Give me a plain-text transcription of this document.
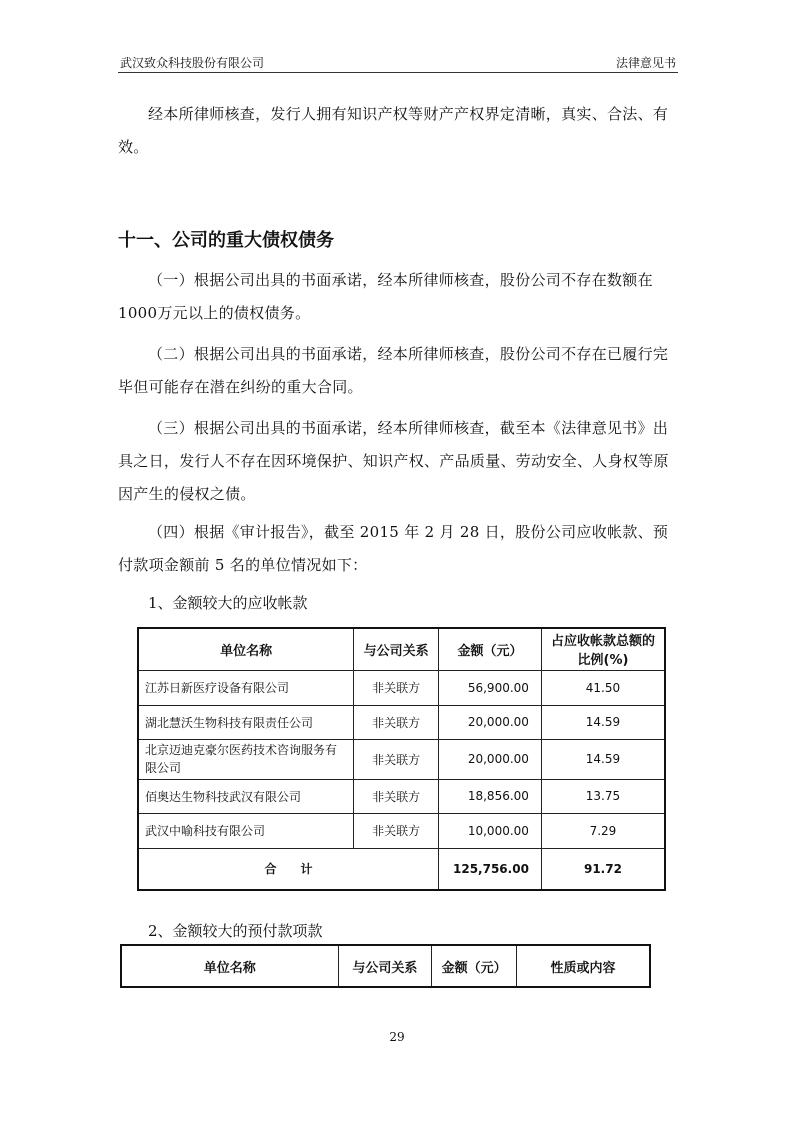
武汉致众科技股份有限公司	法律意见书

经本所律师核查，发行人拥有知识产权等财产产权界定清晰，真实、合法、有效。

十一、公司的重大债权债务

（一）根据公司出具的书面承诺，经本所律师核查，股份公司不存在数额在1000万元以上的债权债务。

（二）根据公司出具的书面承诺，经本所律师核查，股份公司不存在已履行完毕但可能存在潜在纠纷的重大合同。

（三）根据公司出具的书面承诺，经本所律师核查，截至本《法律意见书》出具之日，发行人不存在因环境保护、知识产权、产品质量、劳动安全、人身权等原因产生的侵权之债。

（四）根据《审计报告》，截至 2015 年 2 月 28 日，股份公司应收帐款、预付款项金额前 5 名的单位情况如下：

1、金额较大的应收帐款

单位名称	与公司关系	金额（元）	占应收帐款总额的比例(%)
江苏日新医疗设备有限公司	非关联方	56,900.00	41.50
湖北慧沃生物科技有限责任公司	非关联方	20,000.00	14.59
北京迈迪克豪尔医药技术咨询服务有限公司	非关联方	20,000.00	14.59
佰奥达生物科技武汉有限公司	非关联方	18,856.00	13.75
武汉中喻科技有限公司	非关联方	10,000.00	7.29
合　　计		125,756.00	91.72

2、金额较大的预付款项款

单位名称	与公司关系	金额（元）	性质或内容
29
